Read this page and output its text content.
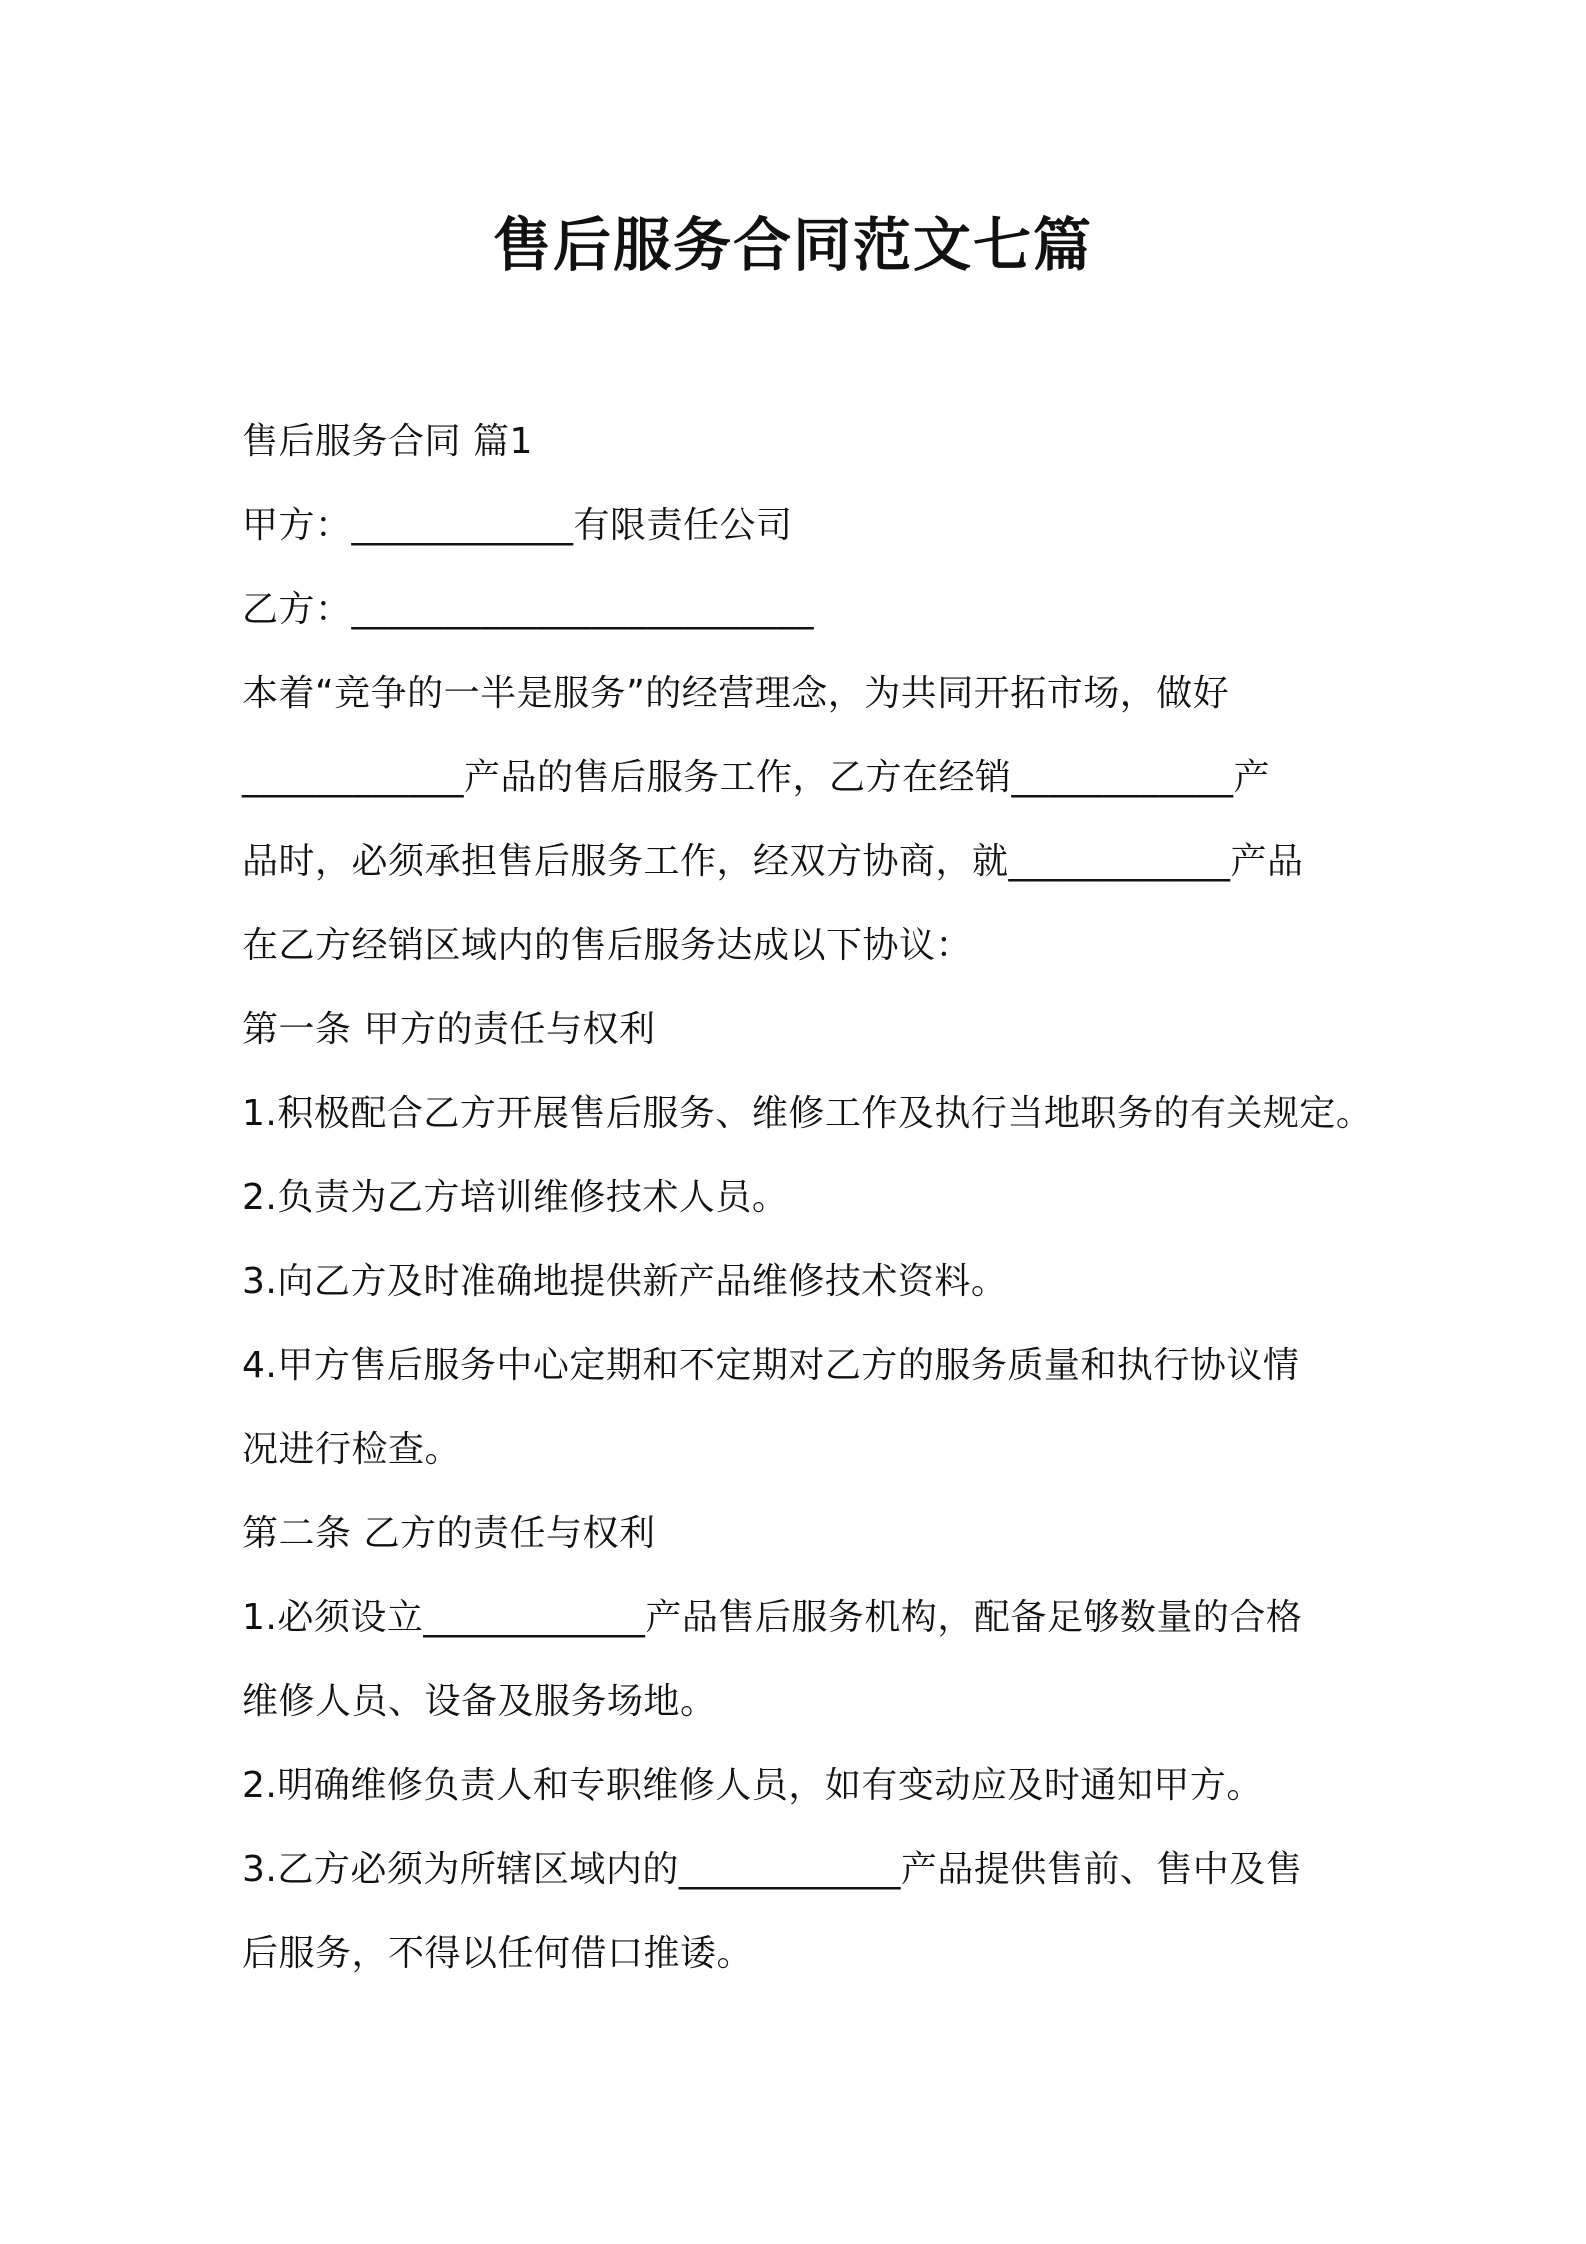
售后服务合同范文七篇
售后服务合同 篇1
甲方：____________有限责任公司
乙方：_________________________
本着“竞争的一半是服务”的经营理念，为共同开拓市场，做好
____________产品的售后服务工作，乙方在经销____________产
品时，必须承担售后服务工作，经双方协商，就____________产品
在乙方经销区域内的售后服务达成以下协议：
第一条 甲方的责任与权利
1.积极配合乙方开展售后服务、维修工作及执行当地职务的有关规定。
2.负责为乙方培训维修技术人员。
3.向乙方及时准确地提供新产品维修技术资料。
4.甲方售后服务中心定期和不定期对乙方的服务质量和执行协议情
况进行检查。
第二条 乙方的责任与权利
1.必须设立____________产品售后服务机构，配备足够数量的合格
维修人员、设备及服务场地。
2.明确维修负责人和专职维修人员，如有变动应及时通知甲方。
3.乙方必须为所辖区域内的____________产品提供售前、售中及售
后服务，不得以任何借口推诿。
